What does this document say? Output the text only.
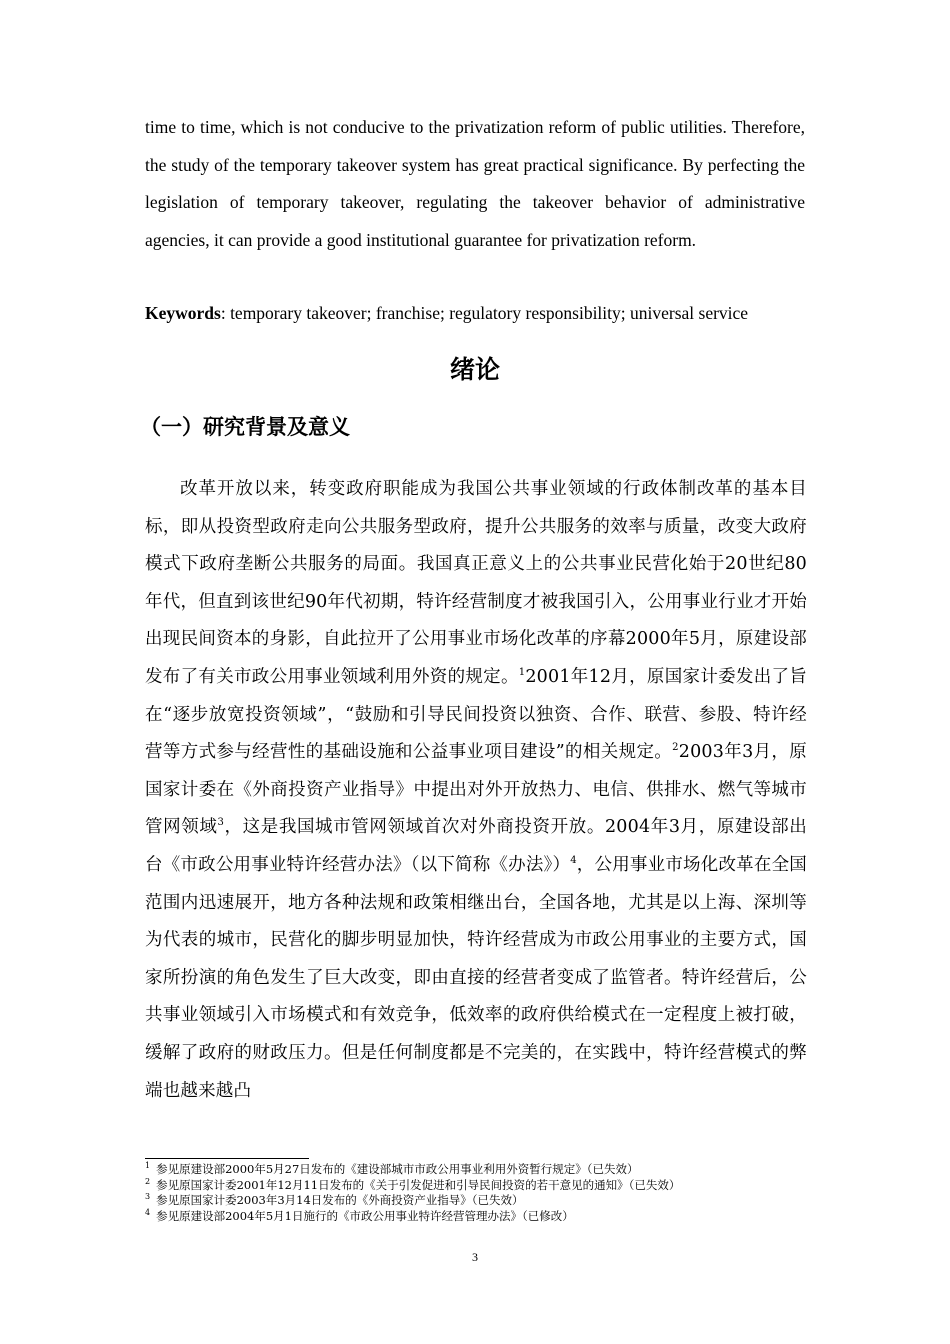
time to time, which is not conducive to the privatization reform of public utilities. Therefore, the study of the temporary takeover system has great practical significance. By perfecting the legislation of temporary takeover, regulating the takeover behavior of administrative agencies, it can provide a good institutional guarantee for privatization reform.

Keywords: temporary takeover; franchise; regulatory responsibility; universal service

绪论
（一）研究背景及意义

改革开放以来，转变政府职能成为我国公共事业领域的行政体制改革的基本目标，即从投资型政府走向公共服务型政府，提升公共服务的效率与质量，改变大政府模式下政府垄断公共服务的局面。我国真正意义上的公共事业民营化始于20世纪80年代，但直到该世纪90年代初期，特许经营制度才被我国引入，公用事业行业才开始出现民间资本的身影，自此拉开了公用事业市场化改革的序幕2000年5月，原建设部发布了有关市政公用事业领域利用外资的规定。$^1$2001年12月，原国家计委发出了旨在“逐步放宽投资领域”，“鼓励和引导民间投资以独资、合作、联营、参股、特许经营等方式参与经营性的基础设施和公益事业项目建设”的相关规定。$^2$2003年3月，原国家计委在《外商投资产业指导》中提出对外开放热力、电信、供排水、燃气等城市管网领域$^3$，这是我国城市管网领域首次对外商投资开放。2004年3月，原建设部出台《市政公用事业特许经营办法》（以下简称《办法》）$^4$，公用事业市场化改革在全国范围内迅速展开，地方各种法规和政策相继出台，全国各地，尤其是以上海、深圳等为代表的城市，民营化的脚步明显加快，特许经营成为市政公用事业的主要方式，国家所扮演的角色发生了巨大改变，即由直接的经营者变成了监管者。特许经营后，公共事业领域引入市场模式和有效竞争，低效率的政府供给模式在一定程度上被打破，缓解了政府的财政压力。但是任何制度都是不完美的，在实践中，特许经营模式的弊端也越来越凸

$^1$ 参见原建设部2000年5月27日发布的《建设部城市市政公用事业利用外资暂行规定》（已失效）
$^2$ 参见原国家计委2001年12月11日发布的《关于引发促进和引导民间投资的若干意见的通知》（已失效）
$^3$ 参见原国家计委2003年3月14日发布的《外商投资产业指导》（已失效）
$^4$ 参见原建设部2004年5月1日施行的《市政公用事业特许经营管理办法》（已修改）
3
